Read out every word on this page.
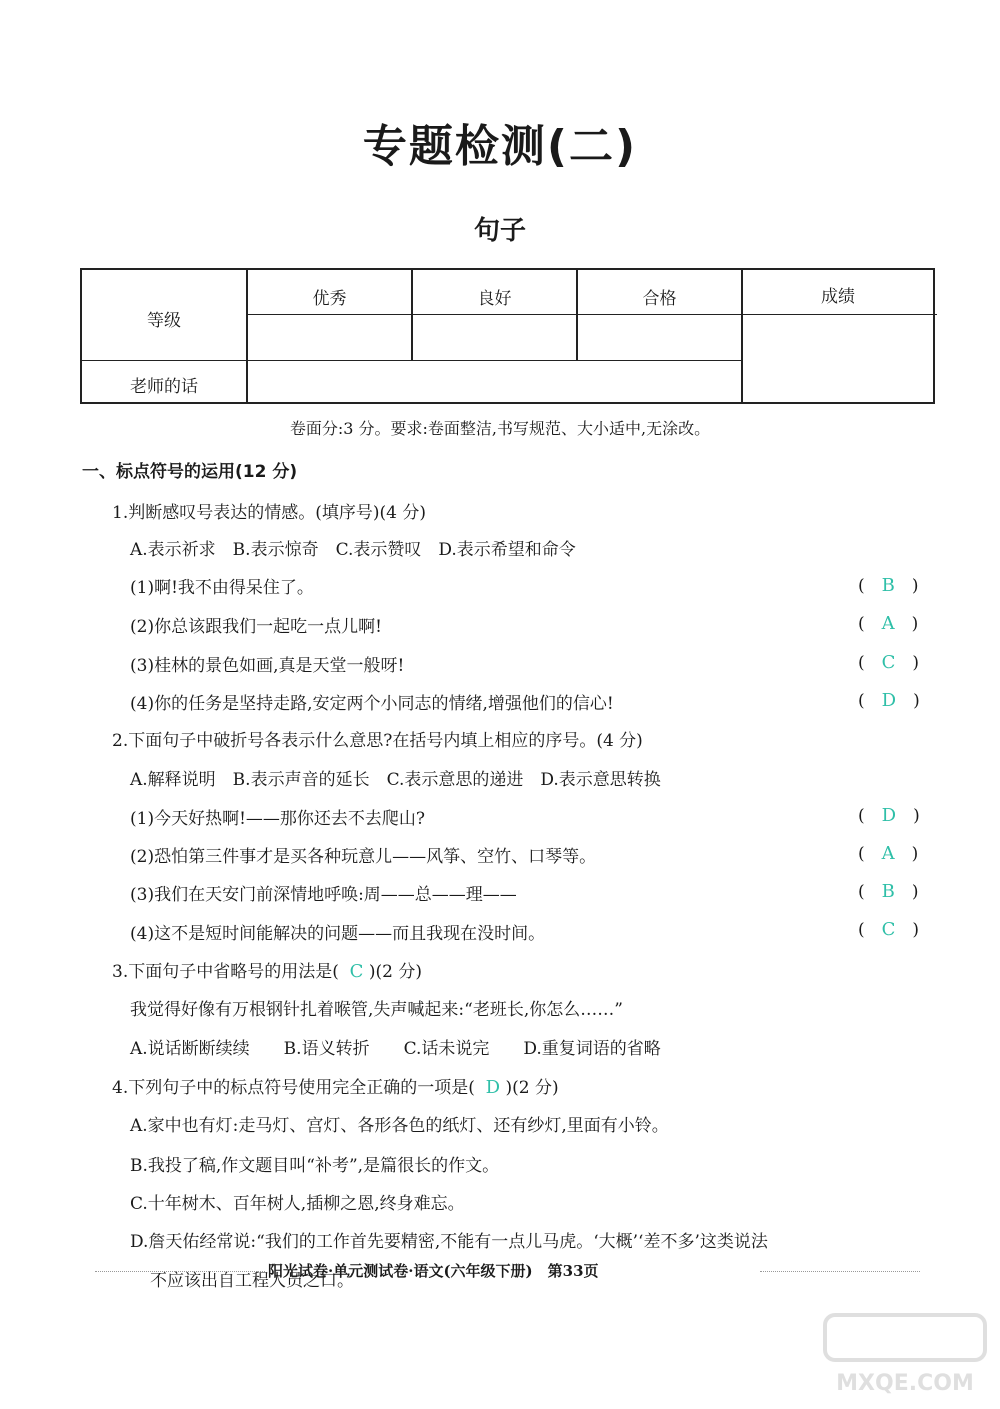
专题检测(二)
句子
等级
优秀	良好	合格	成绩
老师的话
卷面分:3 分。要求:卷面整洁,书写规范、大小适中,无涂改。
一、标点符号的运用(12 分)
1.判断感叹号表达的情感。(填序号)(4 分)
A.表示祈求　B.表示惊奇　C.表示赞叹　D.表示希望和命令
(1)啊!我不由得呆住了。	(　B　)
(2)你总该跟我们一起吃一点儿啊!	(　A　)
(3)桂林的景色如画,真是天堂一般呀!	(　C　)
(4)你的任务是坚持走路,安定两个小同志的情绪,增强他们的信心!	(　D　)
2.下面句子中破折号各表示什么意思?在括号内填上相应的序号。(4 分)
A.解释说明　B.表示声音的延长　C.表示意思的递进　D.表示意思转换
(1)今天好热啊!——那你还去不去爬山?	(　D　)
(2)恐怕第三件事才是买各种玩意儿——风筝、空竹、口琴等。	(　A　)
(3)我们在天安门前深情地呼唤:周——总——理——	(　B　)
(4)这不是短时间能解决的问题——而且我现在没时间。	(　C　)
3.下面句子中省略号的用法是( C )(2 分)
我觉得好像有万根钢针扎着喉管,失声喊起来:“老班长,你怎么……”
A.说话断断续续　　B.语义转折　　C.话未说完　　D.重复词语的省略
4.下列句子中的标点符号使用完全正确的一项是( D )(2 分)
A.家中也有灯:走马灯、宫灯、各形各色的纸灯、还有纱灯,里面有小铃。
B.我投了稿,作文题目叫“补考”,是篇很长的作文。
C.十年树木、百年树人,插柳之恩,终身难忘。
D.詹天佑经常说:“我们的工作首先要精密,不能有一点儿马虎。‘大概’‘差不多’这类说法
不应该出自工程人员之口。”
阳光试卷·单元测试卷·语文(六年级下册)　第33页
MXQE.COM
